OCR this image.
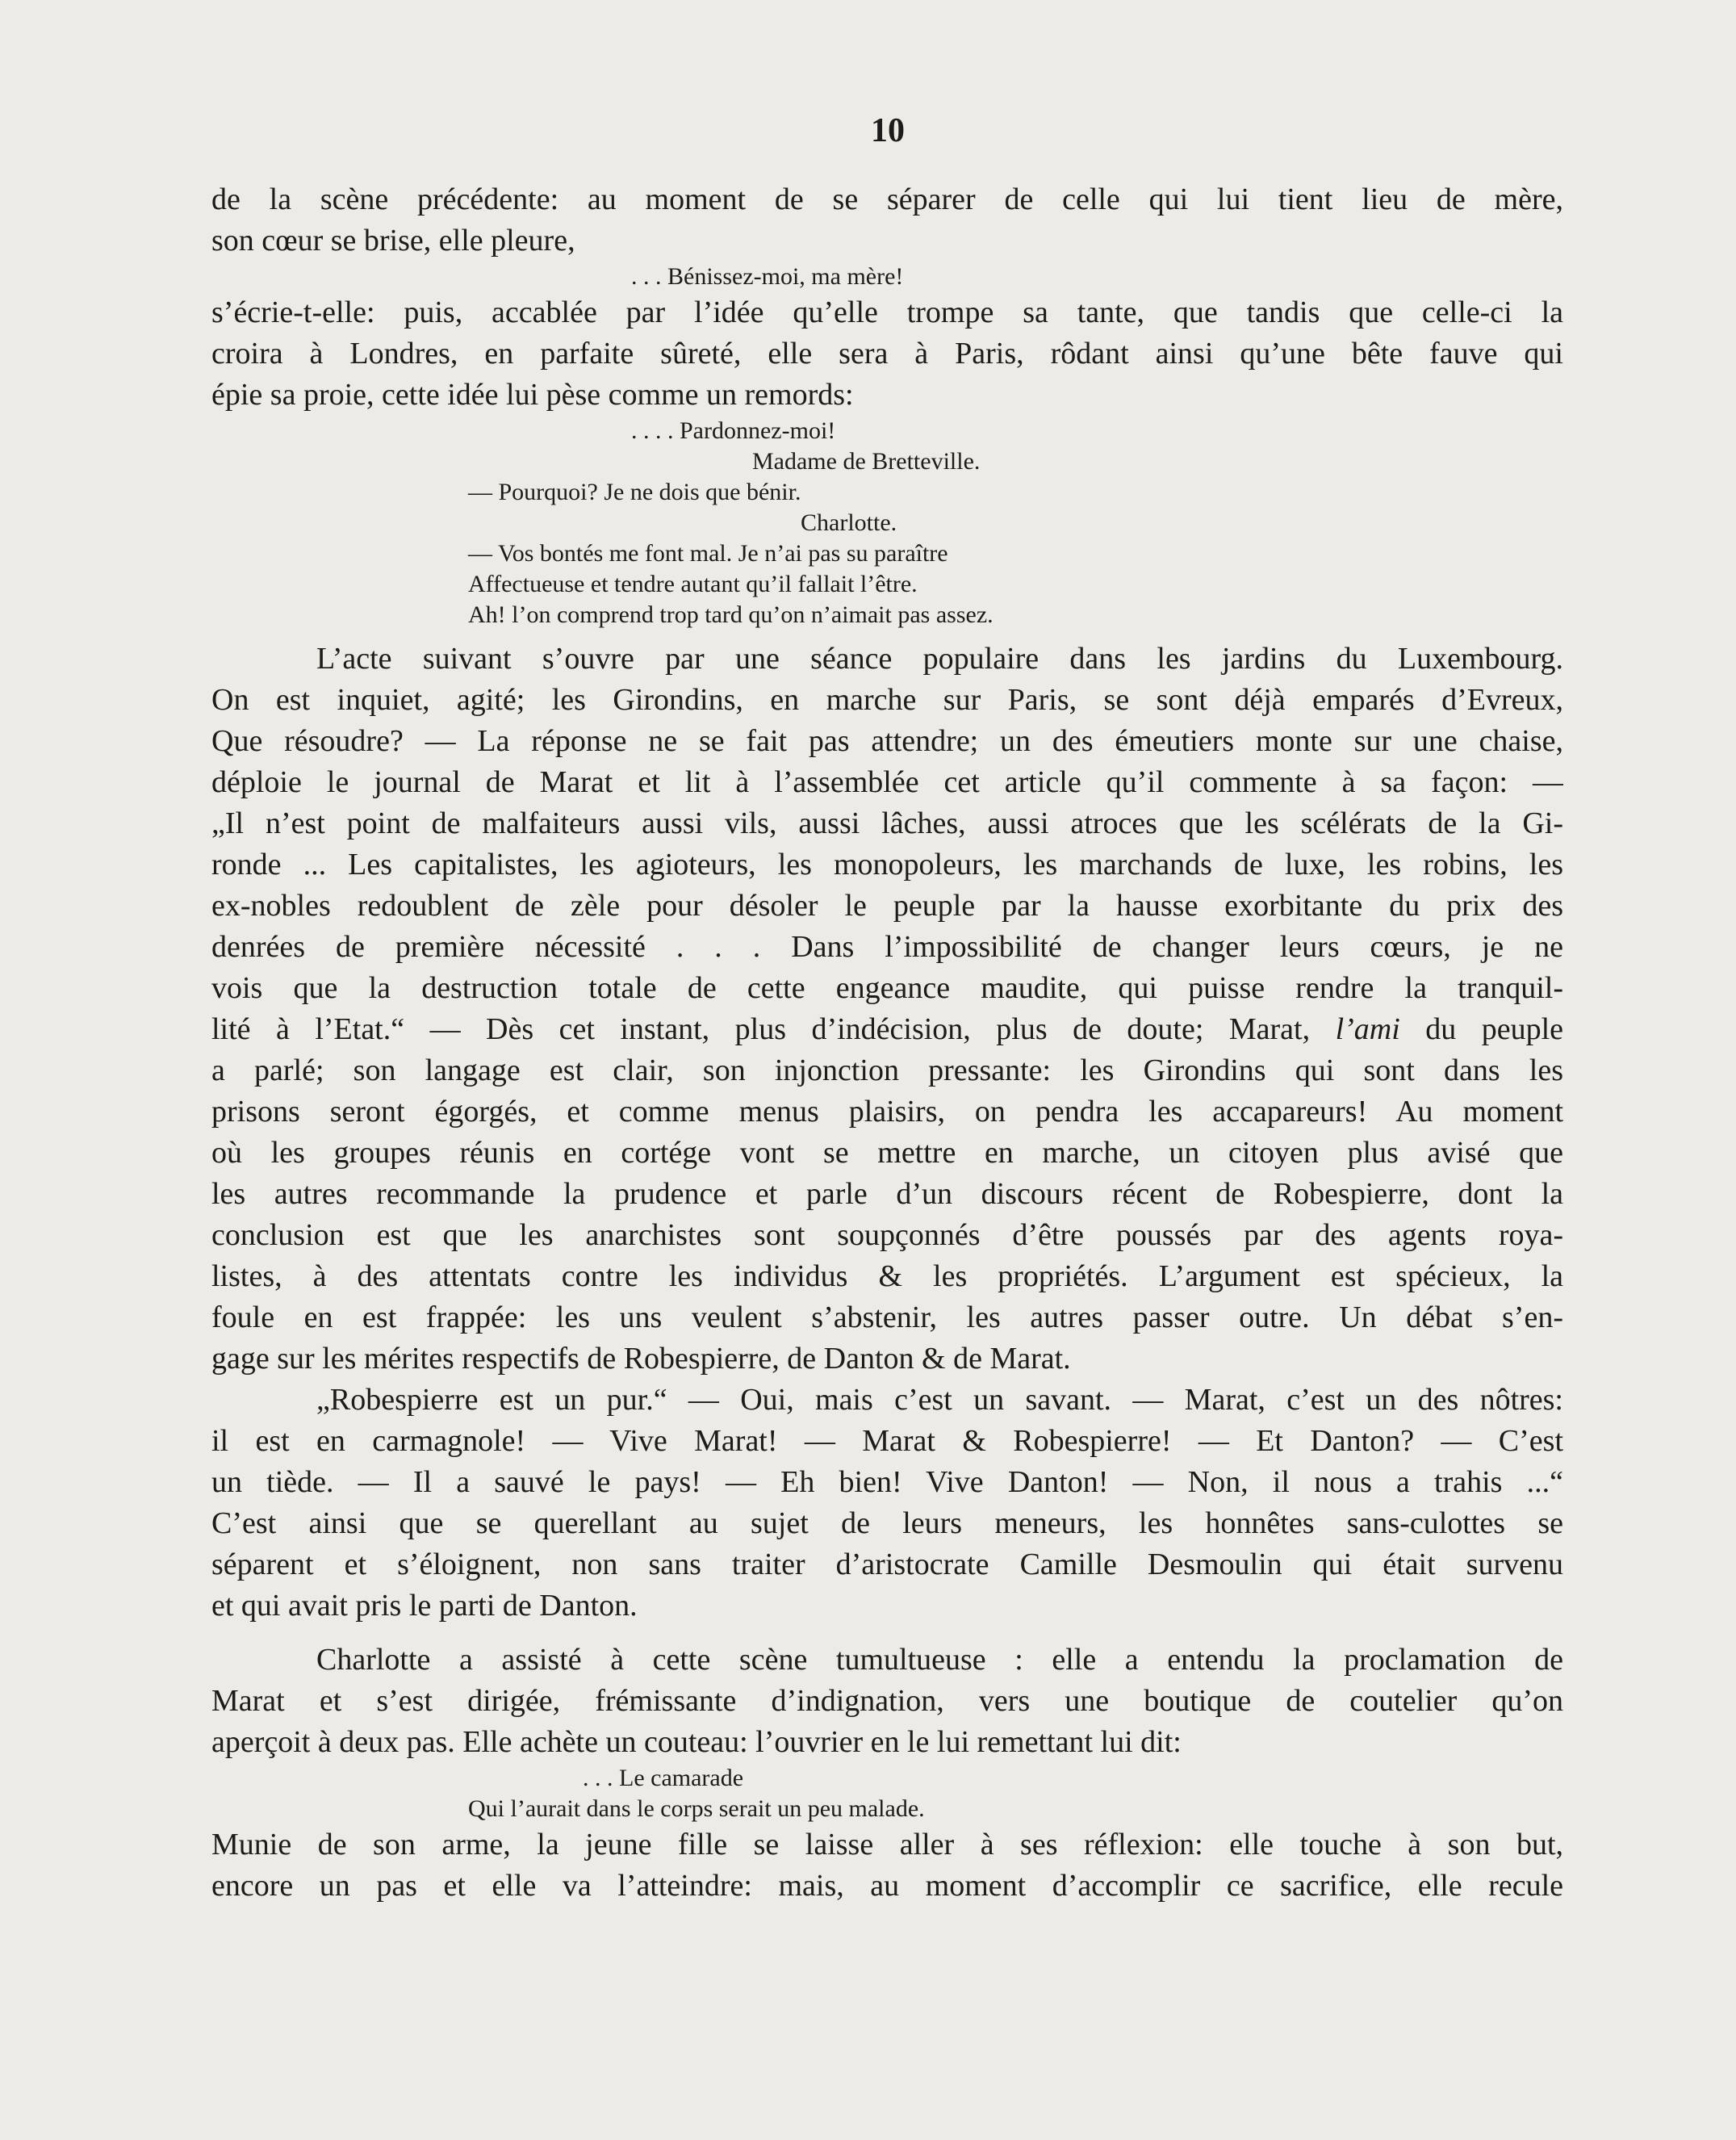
10
de la scène précédente: au moment de se séparer de celle qui lui tient lieu de mère,
son cœur se brise, elle pleure,
. . . Bénissez-moi, ma mère!
s’écrie-t-elle: puis, accablée par l’idée qu’elle trompe sa tante, que tandis que celle-ci la
croira à Londres, en parfaite sûreté, elle sera à Paris, rôdant ainsi qu’une bête fauve qui
épie sa proie, cette idée lui pèse comme un remords:
. . . . Pardonnez-moi!
Madame de Bretteville.
— Pourquoi? Je ne dois que bénir.
Charlotte.
— Vos bontés me font mal. Je n’ai pas su paraître
Affectueuse et tendre autant qu’il fallait l’être.
Ah! l’on comprend trop tard qu’on n’aimait pas assez.
L’acte suivant s’ouvre par une séance populaire dans les jardins du Luxembourg.
On est inquiet, agité; les Girondins, en marche sur Paris, se sont déjà emparés d’Evreux,
Que résoudre? — La réponse ne se fait pas attendre; un des émeutiers monte sur une chaise,
déploie le journal de Marat et lit à l’assemblée cet article qu’il commente à sa façon: —
„Il n’est point de malfaiteurs aussi vils, aussi lâches, aussi atroces que les scélérats de la Gi-
ronde ... Les capitalistes, les agioteurs, les monopoleurs, les marchands de luxe, les robins, les
ex-nobles redoublent de zèle pour désoler le peuple par la hausse exorbitante du prix des
denrées de première nécessité . . . Dans l’impossibilité de changer leurs cœurs, je ne
vois que la destruction totale de cette engeance maudite, qui puisse rendre la tranquil-
lité à l’Etat.“ — Dès cet instant, plus d’indécision, plus de doute; Marat, l’ami du peuple
a parlé; son langage est clair, son injonction pressante: les Girondins qui sont dans les
prisons seront égorgés, et comme menus plaisirs, on pendra les accapareurs! Au moment
où les groupes réunis en cortége vont se mettre en marche, un citoyen plus avisé que
les autres recommande la prudence et parle d’un discours récent de Robespierre, dont la
conclusion est que les anarchistes sont soupçonnés d’être poussés par des agents roya-
listes, à des attentats contre les individus & les propriétés. L’argument est spécieux, la
foule en est frappée: les uns veulent s’abstenir, les autres passer outre. Un débat s’en-
gage sur les mérites respectifs de Robespierre, de Danton & de Marat.
„Robespierre est un pur.“ — Oui, mais c’est un savant. — Marat, c’est un des nôtres:
il est en carmagnole! — Vive Marat! — Marat & Robespierre! — Et Danton? — C’est
un tiède. — Il a sauvé le pays! — Eh bien! Vive Danton! — Non, il nous a trahis ...“
C’est ainsi que se querellant au sujet de leurs meneurs, les honnêtes sans-culottes se
séparent et s’éloignent, non sans traiter d’aristocrate Camille Desmoulin qui était survenu
et qui avait pris le parti de Danton.
Charlotte a assisté à cette scène tumultueuse : elle a entendu la proclamation de
Marat et s’est dirigée, frémissante d’indignation, vers une boutique de coutelier qu’on
aperçoit à deux pas. Elle achète un couteau: l’ouvrier en le lui remettant lui dit:
. . . Le camarade
Qui l’aurait dans le corps serait un peu malade.
Munie de son arme, la jeune fille se laisse aller à ses réflexion: elle touche à son but,
encore un pas et elle va l’atteindre: mais, au moment d’accomplir ce sacrifice, elle recule
